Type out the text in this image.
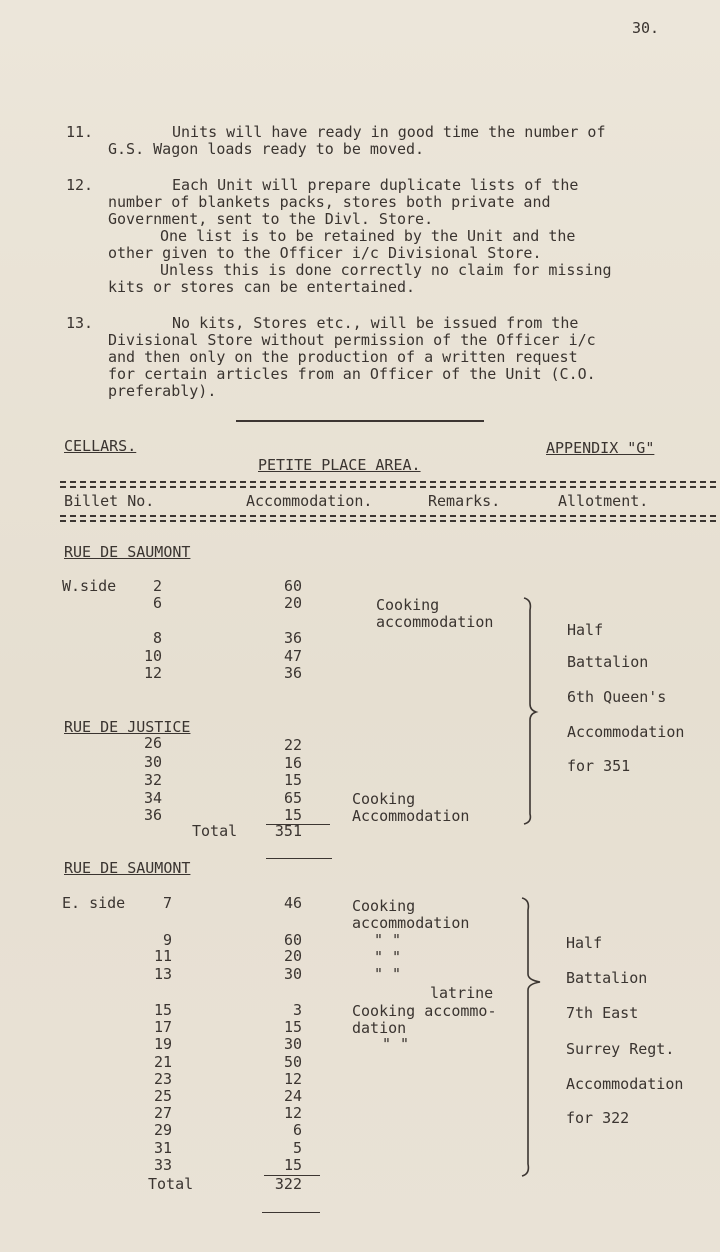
30.
11.	Units will have ready in good time the number of
G.S. Wagon loads ready to be moved.
12.	Each Unit will prepare duplicate lists of the
number of blankets packs, stores both private and
Government, sent to the Divl. Store.
One list is to be retained by the Unit and the
other given to the Officer i/c Divisional Store.
Unless this is done correctly no claim for missing
kits or stores can be entertained.
13.	No kits, Stores etc., will be issued from the
Divisional Store without permission of the Officer i/c
and then only on the production of a written request
for certain articles from an Officer of the Unit (C.O.
preferably).
CELLARS.	APPENDIX "G"
PETITE PLACE AREA.
Billet No.	Accommodation.	Remarks.	Allotment.
RUE DE SAUMONT
W.side	2	60
6	20	Cooking
accommodation
8	36
10	47
12	36
RUE DE JUSTICE
26	22
30	16
32	15
34	65	Cooking
36	15	Accommodation
Total	351
Half
Battalion
6th Queen's
Accommodation
for 351
RUE DE SAUMONT
E. side	7	46	Cooking
accommodation
9	60	" "
11	20	" "
13	30	" "
latrine
15	3	Cooking accommo-
17	15	dation
19	30	" "
21	50
23	12
25	24
27	12
29	6
31	5
33	15
Total	322
Half
Battalion
7th East
Surrey Regt.
Accommodation
for 322
